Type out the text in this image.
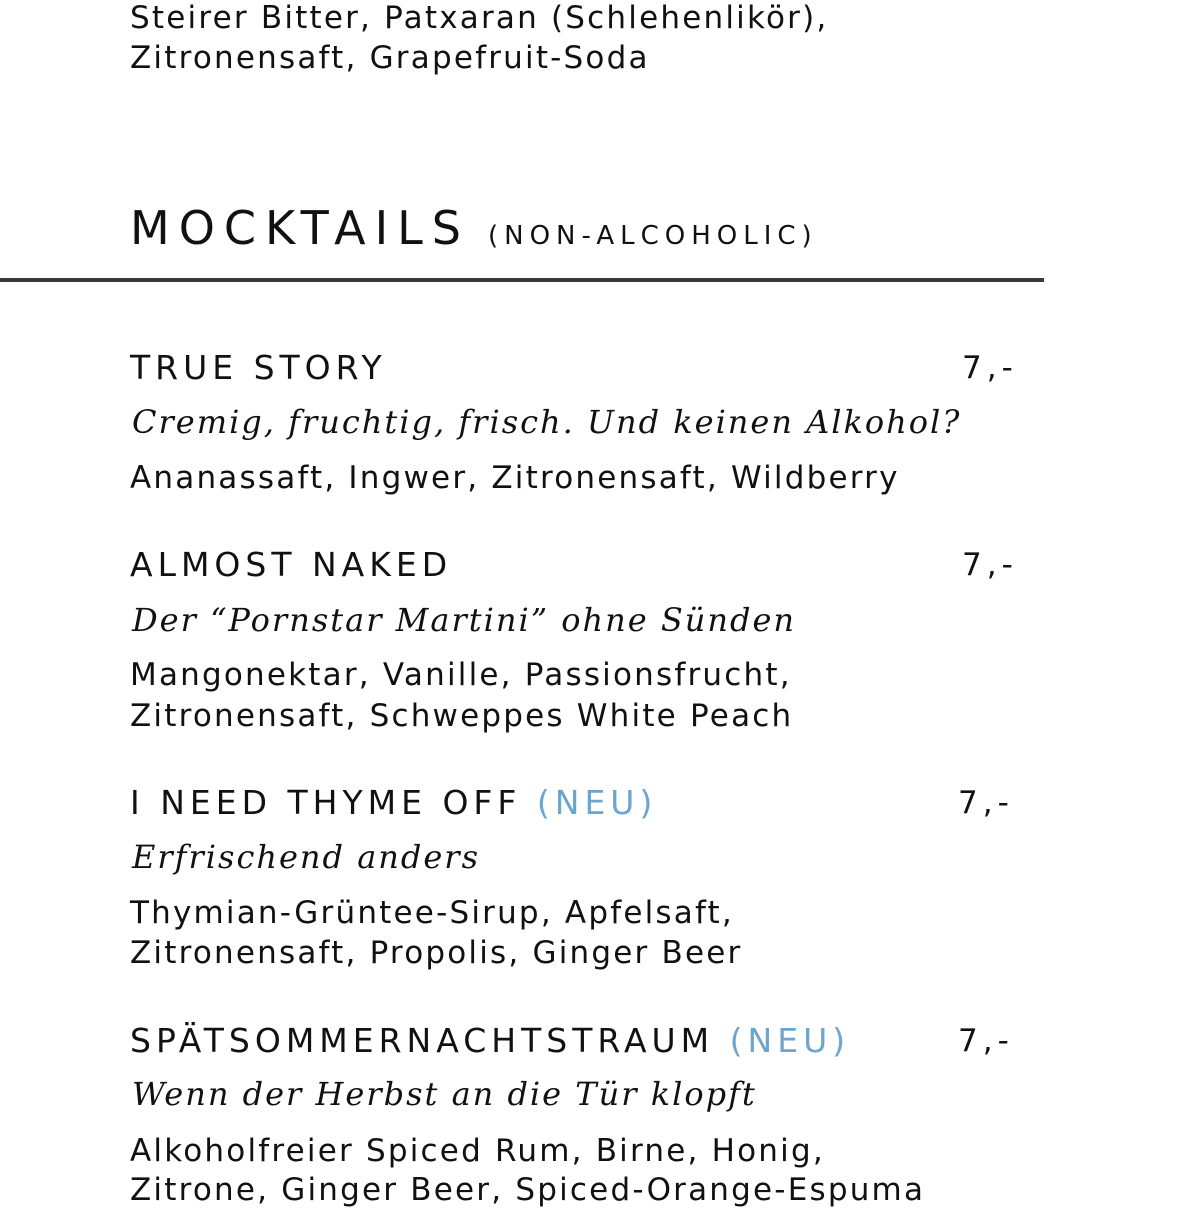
Steirer Bitter, Patxaran (Schlehenlikör),
Zitronensaft, Grapefruit-Soda
MOCKTAILS (NON-ALCOHOLIC)
TRUE STORY	7,-
Cremig, fruchtig, frisch. Und keinen Alkohol?
Ananassaft, Ingwer, Zitronensaft, Wildberry
ALMOST NAKED	7,-
Der “Pornstar Martini” ohne Sünden
Mangonektar, Vanille, Passionsfrucht,
Zitronensaft, Schweppes White Peach
I NEED THYME OFF (NEU)	7,-
Erfrischend anders
Thymian-Grüntee-Sirup, Apfelsaft,
Zitronensaft, Propolis, Ginger Beer
SPÄTSOMMERNACHTSTRAUM (NEU)	7,-
Wenn der Herbst an die Tür klopft
Alkoholfreier Spiced Rum, Birne, Honig,
Zitrone, Ginger Beer, Spiced-Orange-Espuma
